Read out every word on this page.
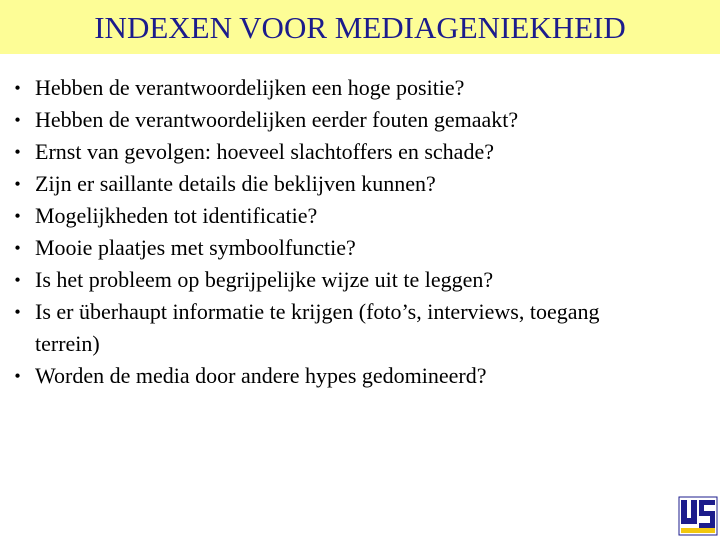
INDEXEN VOOR MEDIAGENIEKHEID
• Hebben de verantwoordelijken een hoge positie?
• Hebben de verantwoordelijken eerder fouten gemaakt?
• Ernst van gevolgen: hoeveel slachtoffers en schade?
• Zijn er saillante details die beklijven kunnen?
• Mogelijkheden tot identificatie?
• Mooie plaatjes met symboolfunctie?
• Is het probleem op begrijpelijke wijze uit te leggen?
• Is er überhaupt informatie te krijgen (foto’s, interviews, toegang
terrein)
• Worden de media door andere hypes gedomineerd?
